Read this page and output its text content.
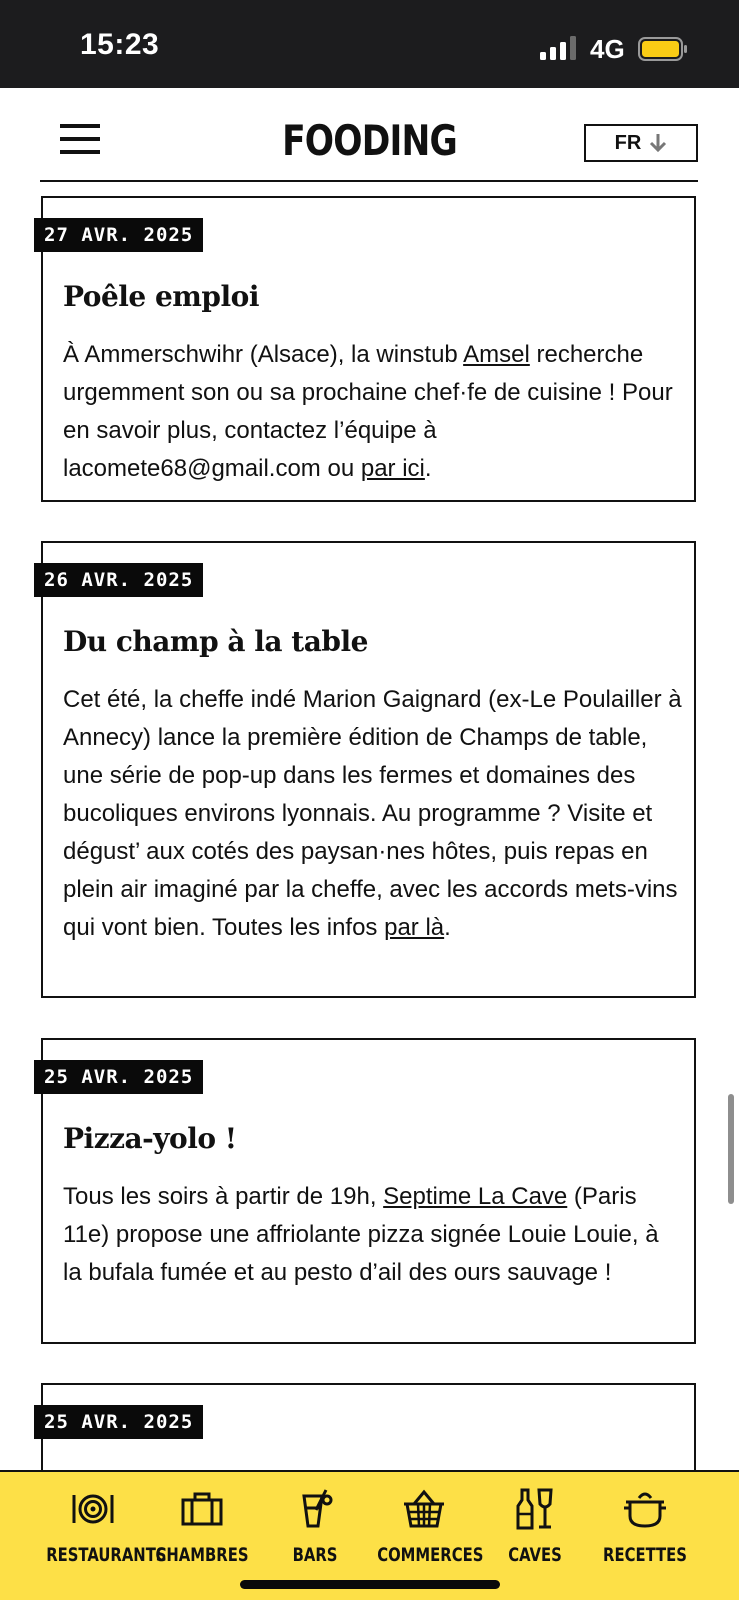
15:23	4G
FOODING	FR
27 AVR. 2025
Poêle emploi
À Ammerschwihr (Alsace), la winstub Amsel recherche urgemment son ou sa prochaine chef·fe de cuisine ! Pour en savoir plus, contactez l’équipe à lacomete68@gmail.com ou par ici.
26 AVR. 2025
Du champ à la table
Cet été, la cheffe indé Marion Gaignard (ex-Le Poulailler à Annecy) lance la première édition de Champs de table, une série de pop-up dans les fermes et domaines des bucoliques environs lyonnais. Au programme ? Visite et dégust’ aux cotés des paysan·nes hôtes, puis repas en plein air imaginé par la cheffe, avec les accords mets-vins qui vont bien. Toutes les infos par là.
25 AVR. 2025
Pizza-yolo !
Tous les soirs à partir de 19h, Septime La Cave (Paris 11e) propose une affriolante pizza signée Louie Louie, à la bufala fumée et au pesto d’ail des ours sauvage !
25 AVR. 2025
RESTAURANTS
CHAMBRES	BARS	COMMERCES	CAVES	RECETTES
